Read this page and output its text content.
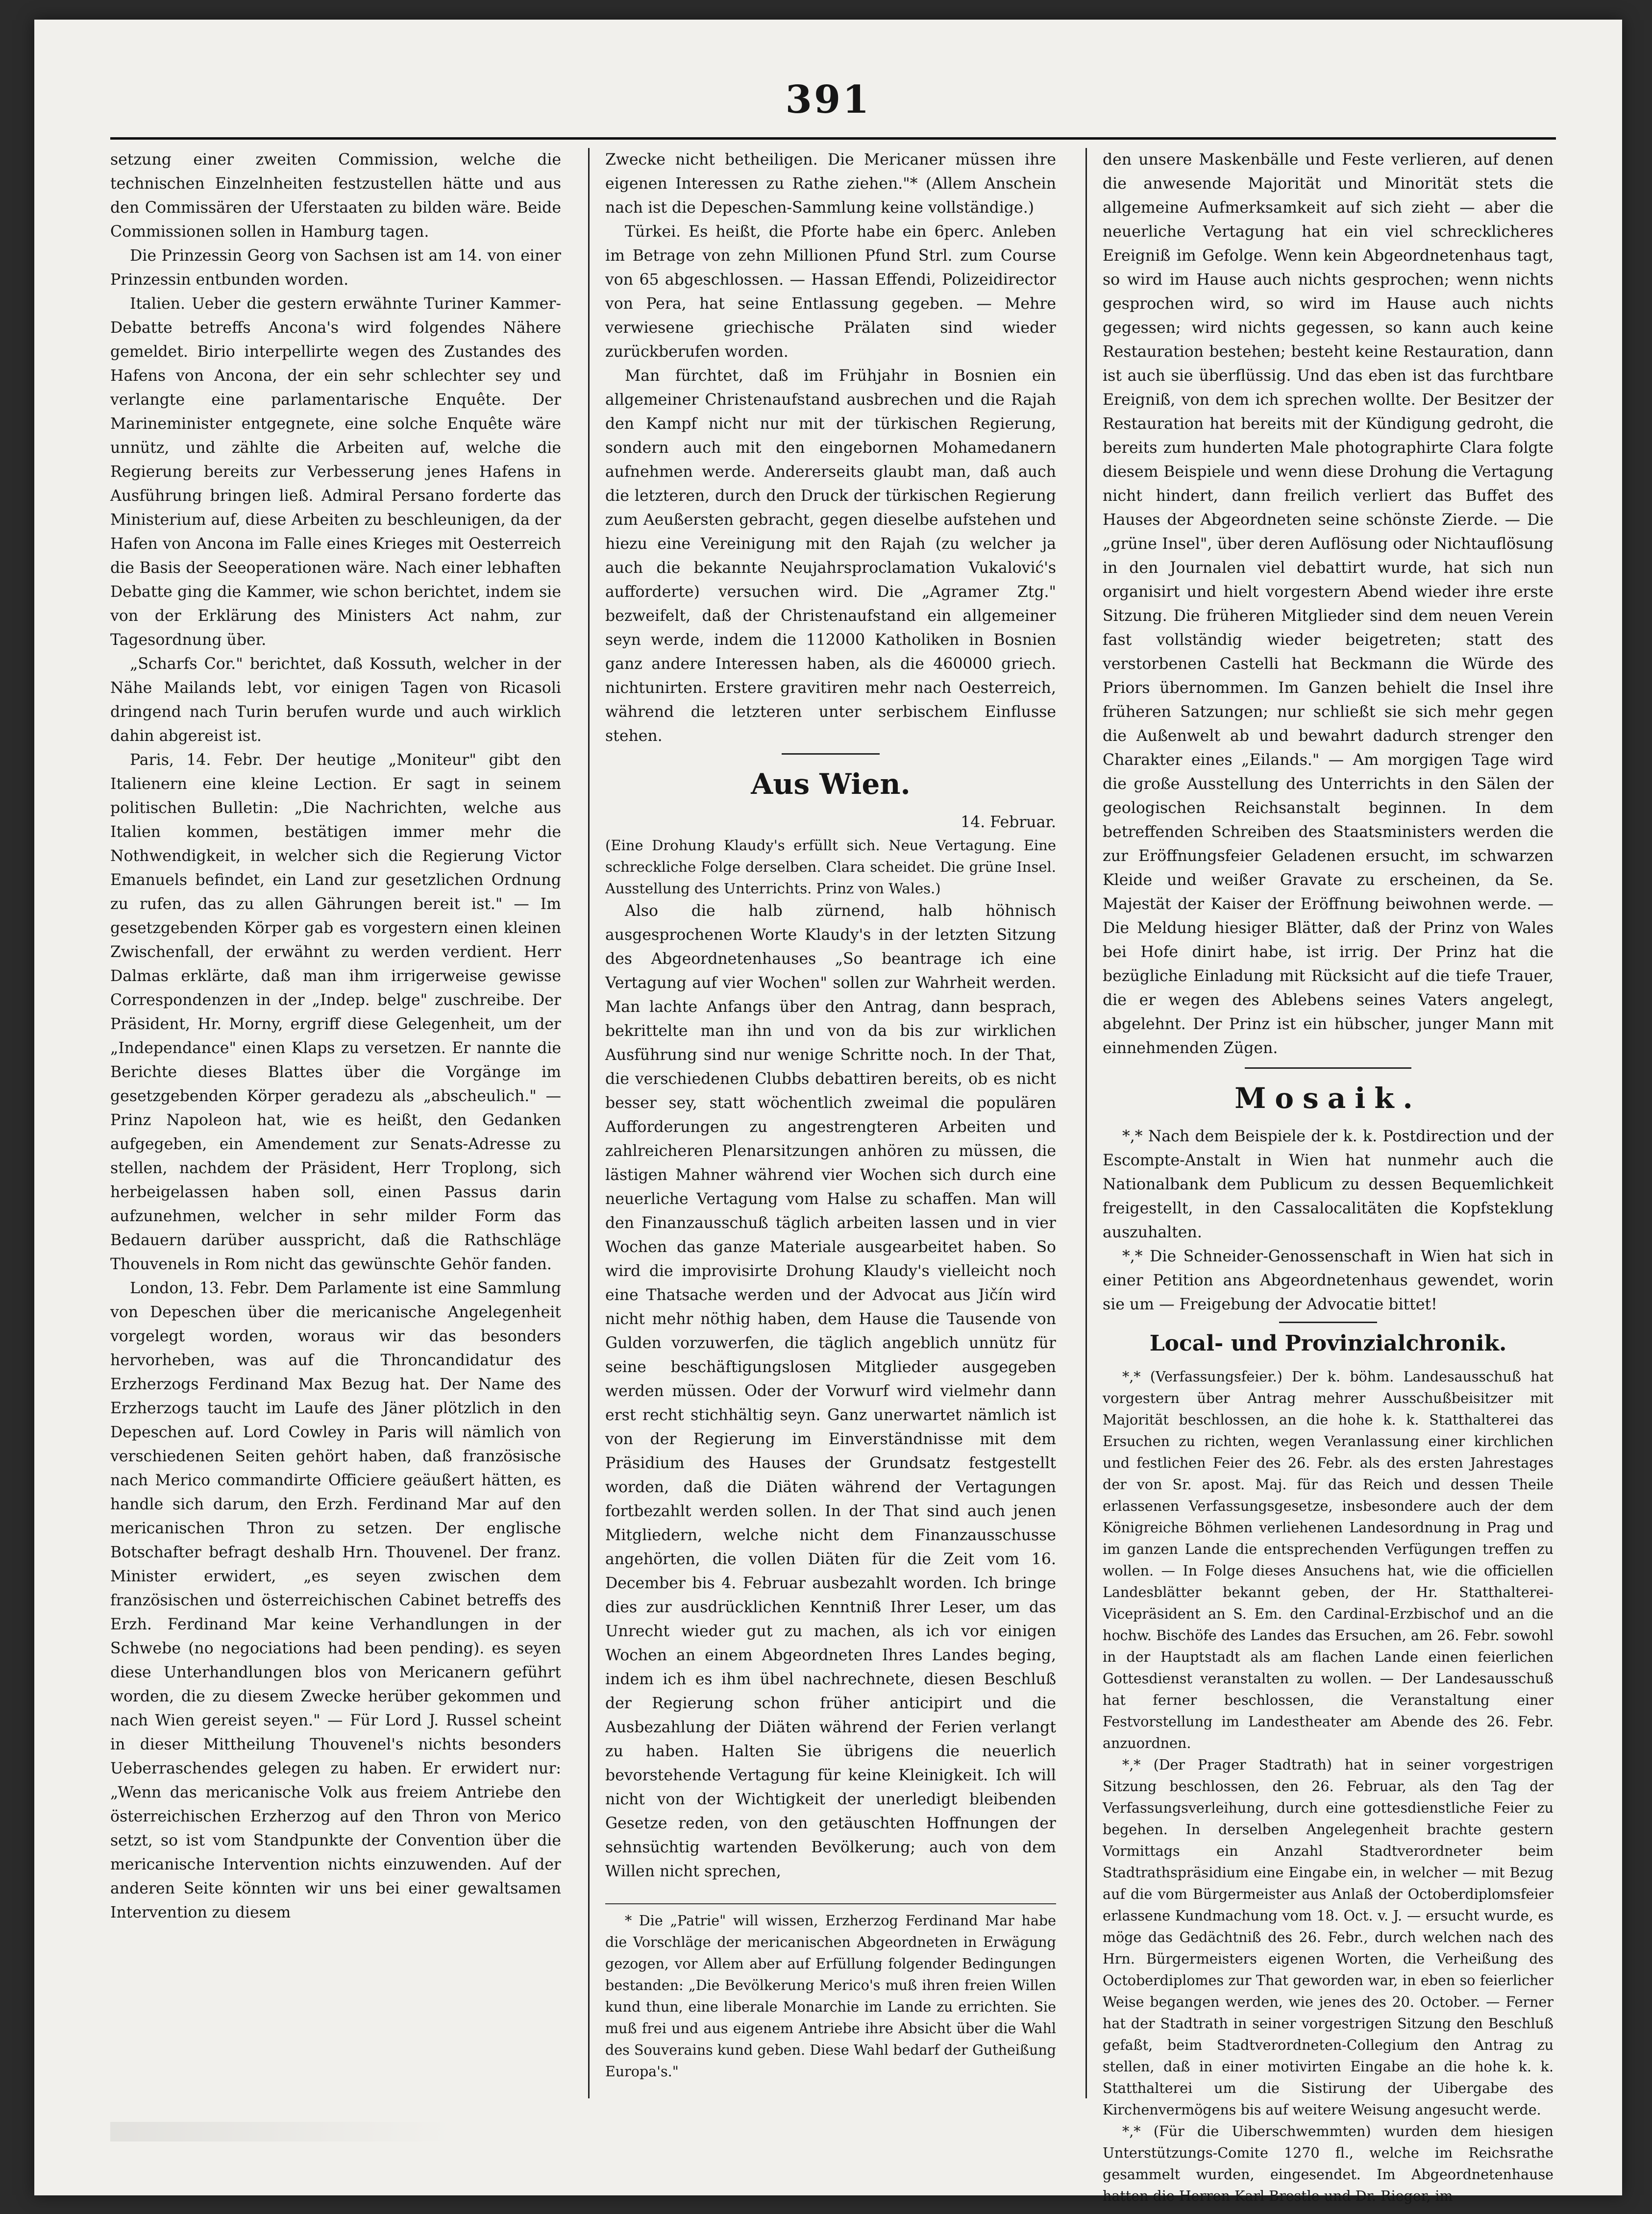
391

setzung einer zweiten Commission, welche die technischen Einzelnheiten festzustellen hätte und aus den Commissären der Uferstaaten zu bilden wäre. Beide Commissionen sollen in Hamburg tagen.

Die Prinzessin Georg von Sachsen ist am 14. von einer Prinzessin entbunden worden.

Italien. Ueber die gestern erwähnte Turiner Kammer-Debatte betreffs Ancona's wird folgendes Nähere gemeldet. Birio interpellirte wegen des Zustandes des Hafens von Ancona, der ein sehr schlechter sey und verlangte eine parlamentarische Enquête. Der Marineminister entgegnete, eine solche Enquête wäre unnütz, und zählte die Arbeiten auf, welche die Regierung bereits zur Verbesserung jenes Hafens in Ausführung bringen ließ. Admiral Persano forderte das Ministerium auf, diese Arbeiten zu beschleunigen, da der Hafen von Ancona im Falle eines Krieges mit Oesterreich die Basis der Seeoperationen wäre. Nach einer lebhaften Debatte ging die Kammer, wie schon berichtet, indem sie von der Erklärung des Ministers Act nahm, zur Tagesordnung über.

„Scharfs Cor." berichtet, daß Kossuth, welcher in der Nähe Mailands lebt, vor einigen Tagen von Ricasoli dringend nach Turin berufen wurde und auch wirklich dahin abgereist ist.

Paris, 14. Febr. Der heutige „Moniteur" gibt den Italienern eine kleine Lection. Er sagt in seinem politischen Bulletin: „Die Nachrichten, welche aus Italien kommen, bestätigen immer mehr die Nothwendigkeit, in welcher sich die Regierung Victor Emanuels befindet, ein Land zur gesetzlichen Ordnung zu rufen, das zu allen Gährungen bereit ist." — Im gesetzgebenden Körper gab es vorgestern einen kleinen Zwischenfall, der erwähnt zu werden verdient. Herr Dalmas erklärte, daß man ihm irrigerweise gewisse Correspondenzen in der „Indep. belge" zuschreibe. Der Präsident, Hr. Morny, ergriff diese Gelegenheit, um der „Independance" einen Klaps zu versetzen. Er nannte die Berichte dieses Blattes über die Vorgänge im gesetzgebenden Körper geradezu als „abscheulich." — Prinz Napoleon hat, wie es heißt, den Gedanken aufgegeben, ein Amendement zur Senats-Adresse zu stellen, nachdem der Präsident, Herr Troplong, sich herbeigelassen haben soll, einen Passus darin aufzunehmen, welcher in sehr milder Form das Bedauern darüber ausspricht, daß die Rathschläge Thouvenels in Rom nicht das gewünschte Gehör fanden.

London, 13. Febr. Dem Parlamente ist eine Sammlung von Depeschen über die mericanische Angelegenheit vorgelegt worden, woraus wir das besonders hervorheben, was auf die Throncandidatur des Erzherzogs Ferdinand Max Bezug hat. Der Name des Erzherzogs taucht im Laufe des Jäner plötzlich in den Depeschen auf. Lord Cowley in Paris will nämlich von verschiedenen Seiten gehört haben, daß französische nach Merico commandirte Officiere geäußert hätten, es handle sich darum, den Erzh. Ferdinand Mar auf den mericanischen Thron zu setzen. Der englische Botschafter befragt deshalb Hrn. Thouvenel. Der franz. Minister erwidert, „es seyen zwischen dem französischen und österreichischen Cabinet betreffs des Erzh. Ferdinand Mar keine Verhandlungen in der Schwebe (no negociations had been pending). es seyen diese Unterhandlungen blos von Mericanern geführt worden, die zu diesem Zwecke herüber gekommen und nach Wien gereist seyen." — Für Lord J. Russel scheint in dieser Mittheilung Thouvenel's nichts besonders Ueberraschendes gelegen zu haben. Er erwidert nur: „Wenn das mericanische Volk aus freiem Antriebe den österreichischen Erzherzog auf den Thron von Merico setzt, so ist vom Standpunkte der Convention über die mericanische Intervention nichts einzuwenden. Auf der anderen Seite könnten wir uns bei einer gewaltsamen Intervention zu diesem

Zwecke nicht betheiligen. Die Mericaner müssen ihre eigenen Interessen zu Rathe ziehen."* (Allem Anschein nach ist die Depeschen-Sammlung keine vollständige.)

Türkei. Es heißt, die Pforte habe ein 6perc. Anleben im Betrage von zehn Millionen Pfund Strl. zum Course von 65 abgeschlossen. — Hassan Effendi, Polizeidirector von Pera, hat seine Entlassung gegeben. — Mehre verwiesene griechische Prälaten sind wieder zurückberufen worden.

Man fürchtet, daß im Frühjahr in Bosnien ein allgemeiner Christenaufstand ausbrechen und die Rajah den Kampf nicht nur mit der türkischen Regierung, sondern auch mit den eingebornen Mohamedanern aufnehmen werde. Andererseits glaubt man, daß auch die letzteren, durch den Druck der türkischen Regierung zum Aeußersten gebracht, gegen dieselbe aufstehen und hiezu eine Vereinigung mit den Rajah (zu welcher ja auch die bekannte Neujahrsproclamation Vukalović's aufforderte) versuchen wird. Die „Agramer Ztg." bezweifelt, daß der Christenaufstand ein allgemeiner seyn werde, indem die 112000 Katholiken in Bosnien ganz andere Interessen haben, als die 460000 griech. nichtunirten. Erstere gravitiren mehr nach Oesterreich, während die letzteren unter serbischem Einflusse stehen.

Aus Wien.
14. Februar.

(Eine Drohung Klaudy's erfüllt sich. Neue Vertagung. Eine schreckliche Folge derselben. Clara scheidet. Die grüne Insel. Ausstellung des Unterrichts. Prinz von Wales.)

Also die halb zürnend, halb höhnisch ausgesprochenen Worte Klaudy's in der letzten Sitzung des Abgeordnetenhauses „So beantrage ich eine Vertagung auf vier Wochen" sollen zur Wahrheit werden. Man lachte Anfangs über den Antrag, dann besprach, bekrittelte man ihn und von da bis zur wirklichen Ausführung sind nur wenige Schritte noch. In der That, die verschiedenen Clubbs debattiren bereits, ob es nicht besser sey, statt wöchentlich zweimal die populären Aufforderungen zu angestrengteren Arbeiten und zahlreicheren Plenarsitzungen anhören zu müssen, die lästigen Mahner während vier Wochen sich durch eine neuerliche Vertagung vom Halse zu schaffen. Man will den Finanzausschuß täglich arbeiten lassen und in vier Wochen das ganze Materiale ausgearbeitet haben. So wird die improvisirte Drohung Klaudy's vielleicht noch eine Thatsache werden und der Advocat aus Jičín wird nicht mehr nöthig haben, dem Hause die Tausende von Gulden vorzuwerfen, die täglich angeblich unnütz für seine beschäftigungslosen Mitglieder ausgegeben werden müssen. Oder der Vorwurf wird vielmehr dann erst recht stichhältig seyn. Ganz unerwartet nämlich ist von der Regierung im Einverständnisse mit dem Präsidium des Hauses der Grundsatz festgestellt worden, daß die Diäten während der Vertagungen fortbezahlt werden sollen. In der That sind auch jenen Mitgliedern, welche nicht dem Finanzausschusse angehörten, die vollen Diäten für die Zeit vom 16. December bis 4. Februar ausbezahlt worden. Ich bringe dies zur ausdrücklichen Kenntniß Ihrer Leser, um das Unrecht wieder gut zu machen, als ich vor einigen Wochen an einem Abgeordneten Ihres Landes beging, indem ich es ihm übel nachrechnete, diesen Beschluß der Regierung schon früher anticipirt und die Ausbezahlung der Diäten während der Ferien verlangt zu haben. Halten Sie übrigens die neuerlich bevorstehende Vertagung für keine Kleinigkeit. Ich will nicht von der Wichtigkeit der unerledigt bleibenden Gesetze reden, von den getäuschten Hoffnungen der sehnsüchtig wartenden Bevölkerung; auch von dem Willen nicht sprechen,

* Die „Patrie" will wissen, Erzherzog Ferdinand Mar habe die Vorschläge der mericanischen Abgeordneten in Erwägung gezogen, vor Allem aber auf Erfüllung folgender Bedingungen bestanden: „Die Bevölkerung Merico's muß ihren freien Willen kund thun, eine liberale Monarchie im Lande zu errichten. Sie muß frei und aus eigenem Antriebe ihre Absicht über die Wahl des Souverains kund geben. Diese Wahl bedarf der Gutheißung Europa's."

den unsere Maskenbälle und Feste verlieren, auf denen die anwesende Majorität und Minorität stets die allgemeine Aufmerksamkeit auf sich zieht — aber die neuerliche Vertagung hat ein viel schrecklicheres Ereigniß im Gefolge. Wenn kein Abgeordnetenhaus tagt, so wird im Hause auch nichts gesprochen; wenn nichts gesprochen wird, so wird im Hause auch nichts gegessen; wird nichts gegessen, so kann auch keine Restauration bestehen; besteht keine Restauration, dann ist auch sie überflüssig. Und das eben ist das furchtbare Ereigniß, von dem ich sprechen wollte. Der Besitzer der Restauration hat bereits mit der Kündigung gedroht, die bereits zum hunderten Male photographirte Clara folgte diesem Beispiele und wenn diese Drohung die Vertagung nicht hindert, dann freilich verliert das Buffet des Hauses der Abgeordneten seine schönste Zierde. — Die „grüne Insel", über deren Auflösung oder Nichtauflösung in den Journalen viel debattirt wurde, hat sich nun organisirt und hielt vorgestern Abend wieder ihre erste Sitzung. Die früheren Mitglieder sind dem neuen Verein fast vollständig wieder beigetreten; statt des verstorbenen Castelli hat Beckmann die Würde des Priors übernommen. Im Ganzen behielt die Insel ihre früheren Satzungen; nur schließt sie sich mehr gegen die Außenwelt ab und bewahrt dadurch strenger den Charakter eines „Eilands." — Am morgigen Tage wird die große Ausstellung des Unterrichts in den Sälen der geologischen Reichsanstalt beginnen. In dem betreffenden Schreiben des Staatsministers werden die zur Eröffnungsfeier Geladenen ersucht, im schwarzen Kleide und weißer Gravate zu erscheinen, da Se. Majestät der Kaiser der Eröffnung beiwohnen werde. — Die Meldung hiesiger Blätter, daß der Prinz von Wales bei Hofe dinirt habe, ist irrig. Der Prinz hat die bezügliche Einladung mit Rücksicht auf die tiefe Trauer, die er wegen des Ablebens seines Vaters angelegt, abgelehnt. Der Prinz ist ein hübscher, junger Mann mit einnehmenden Zügen.

Mosaik.

*,* Nach dem Beispiele der k. k. Postdirection und der Escompte-Anstalt in Wien hat nunmehr auch die Nationalbank dem Publicum zu dessen Bequemlichkeit freigestellt, in den Cassalocalitäten die Kopfsteklung auszuhalten.

*,* Die Schneider-Genossenschaft in Wien hat sich in einer Petition ans Abgeordnetenhaus gewendet, worin sie um — Freigebung der Advocatie bittet!

Local- und Provinzialchronik.

*,* (Verfassungsfeier.) Der k. böhm. Landesausschuß hat vorgestern über Antrag mehrer Ausschußbeisitzer mit Majorität beschlossen, an die hohe k. k. Statthalterei das Ersuchen zu richten, wegen Veranlassung einer kirchlichen und festlichen Feier des 26. Febr. als des ersten Jahrestages der von Sr. apost. Maj. für das Reich und dessen Theile erlassenen Verfassungsgesetze, insbesondere auch der dem Königreiche Böhmen verliehenen Landesordnung in Prag und im ganzen Lande die entsprechenden Verfügungen treffen zu wollen. — In Folge dieses Ansuchens hat, wie die officiellen Landesblätter bekannt geben, der Hr. Statthalterei-Vicepräsident an S. Em. den Cardinal-Erzbischof und an die hochw. Bischöfe des Landes das Ersuchen, am 26. Febr. sowohl in der Hauptstadt als am flachen Lande einen feierlichen Gottesdienst veranstalten zu wollen. — Der Landesausschuß hat ferner beschlossen, die Veranstaltung einer Festvorstellung im Landestheater am Abende des 26. Febr. anzuordnen.

*,* (Der Prager Stadtrath) hat in seiner vorgestrigen Sitzung beschlossen, den 26. Februar, als den Tag der Verfassungsverleihung, durch eine gottesdienstliche Feier zu begehen. In derselben Angelegenheit brachte gestern Vormittags ein Anzahl Stadtverordneter beim Stadtrathspräsidium eine Eingabe ein, in welcher — mit Bezug auf die vom Bürgermeister aus Anlaß der Octoberdiplomsfeier erlassene Kundmachung vom 18. Oct. v. J. — ersucht wurde, es möge das Gedächtniß des 26. Febr., durch welchen nach des Hrn. Bürgermeisters eigenen Worten, die Verheißung des Octoberdiplomes zur That geworden war, in eben so feierlicher Weise begangen werden, wie jenes des 20. October. — Ferner hat der Stadtrath in seiner vorgestrigen Sitzung den Beschluß gefaßt, beim Stadtverordneten-Collegium den Antrag zu stellen, daß in einer motivirten Eingabe an die hohe k. k. Statthalterei um die Sistirung der Uibergabe des Kirchenvermögens bis auf weitere Weisung angesucht werde.

*,* (Für die Uiberschwemmten) wurden dem hiesigen Unterstützungs-Comite 1270 fl., welche im Reichsrathe gesammelt wurden, eingesendet. Im Abgeordnetenhause hatten die Herren Karl Brestle und Dr. Rieger, im
